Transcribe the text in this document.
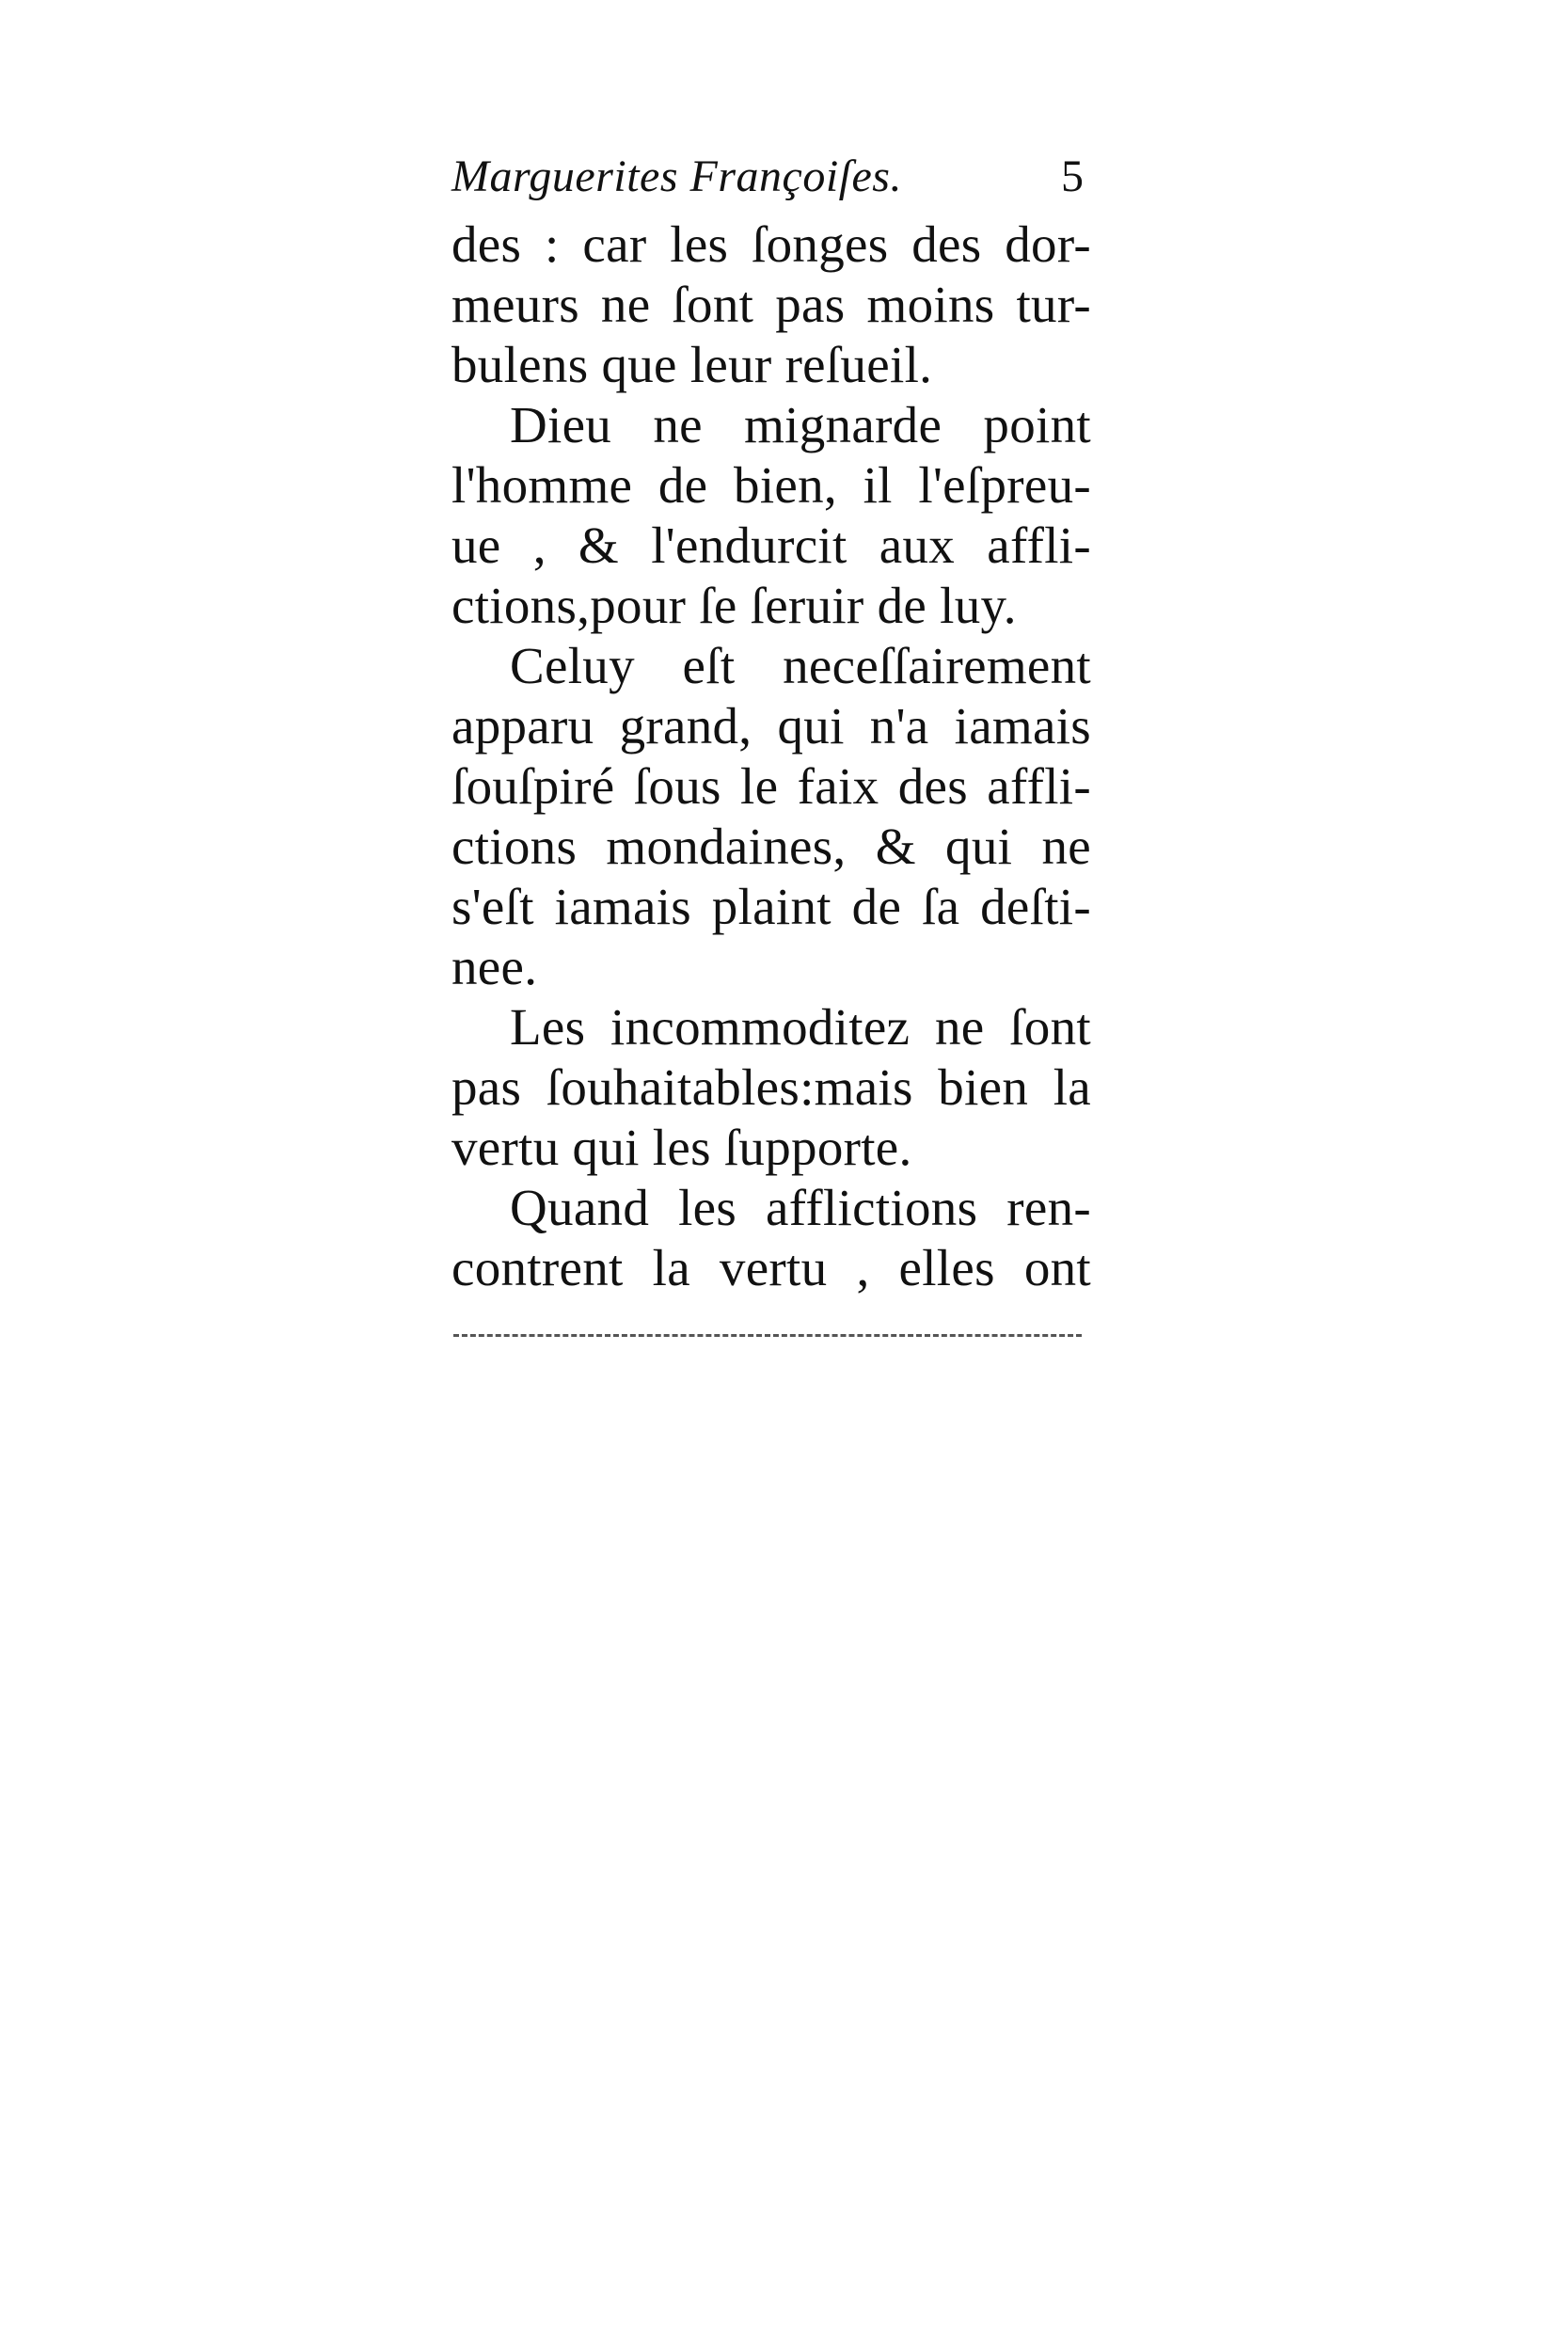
Marguerites Françoiſes.	5
des : car les ſonges des dor-
meurs ne ſont pas moins tur-
bulens que leur reſueil.
Dieu ne mignarde point
l'homme de bien, il l'eſpreu-
ue , & l'endurcit aux affli-
ctions,pour ſe ſeruir de luy.
Celuy eſt neceſſairement
apparu grand, qui n'a iamais
ſouſpiré ſous le faix des affli-
ctions mondaines, & qui ne
s'eſt iamais plaint de ſa deſti-
nee.
Les incommoditez ne ſont
pas ſouhaitables:mais bien la
vertu qui les ſupporte.
Quand les afflictions ren-
contrent la vertu , elles ont
